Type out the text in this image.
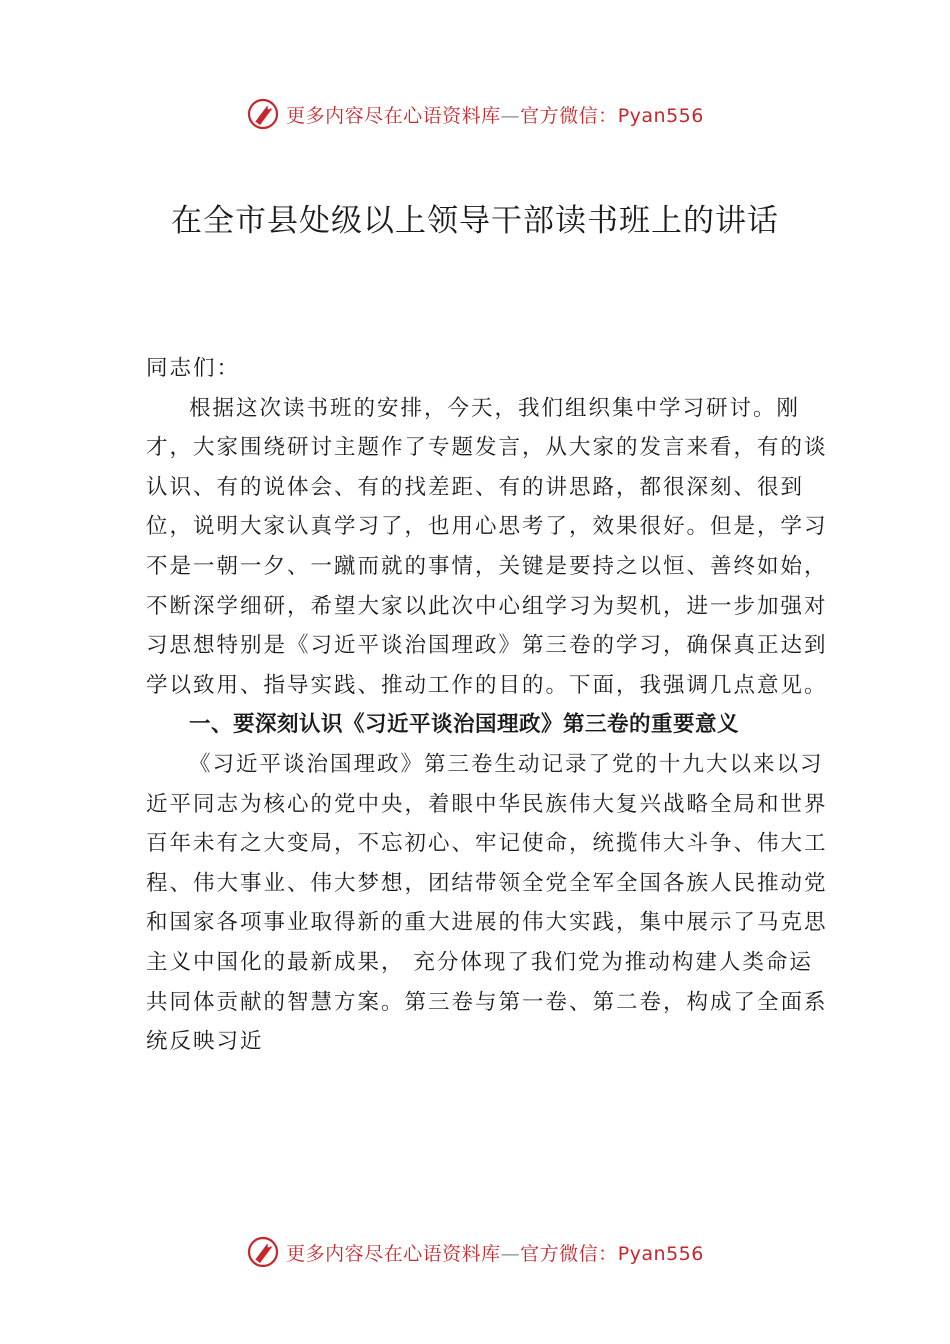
更多内容尽在心语资料库—官方微信：Pyan556
在全市县处级以上领导干部读书班上的讲话

同志们：

根据这次读书班的安排，今天，我们组织集中学习研讨。刚才，大家围绕研讨主题作了专题发言，从大家的发言来看，有的谈认识、有的说体会、有的找差距、有的讲思路，都很深刻、很到位，说明大家认真学习了，也用心思考了，效果很好。但是，学习不是一朝一夕、一蹴而就的事情，关键是要持之以恒、善终如始，不断深学细研，希望大家以此次中心组学习为契机，进一步加强对习思想特别是《习近平谈治国理政》第三卷的学习，确保真正达到学以致用、指导实践、推动工作的目的。下面，我强调几点意见。

一、要深刻认识《习近平谈治国理政》第三卷的重要意义

《习近平谈治国理政》第三卷生动记录了党的十九大以来以习近平同志为核心的党中央，着眼中华民族伟大复兴战略全局和世界百年未有之大变局，不忘初心、牢记使命，统揽伟大斗争、伟大工程、伟大事业、伟大梦想，团结带领全党全军全国各族人民推动党和国家各项事业取得新的重大进展的伟大实践，集中展示了马克思主义中国化的最新成果， 充分体现了我们党为推动构建人类命运共同体贡献的智慧方案。第三卷与第一卷、第二卷，构成了全面系统反映习近

更多内容尽在心语资料库—官方微信：Pyan556
